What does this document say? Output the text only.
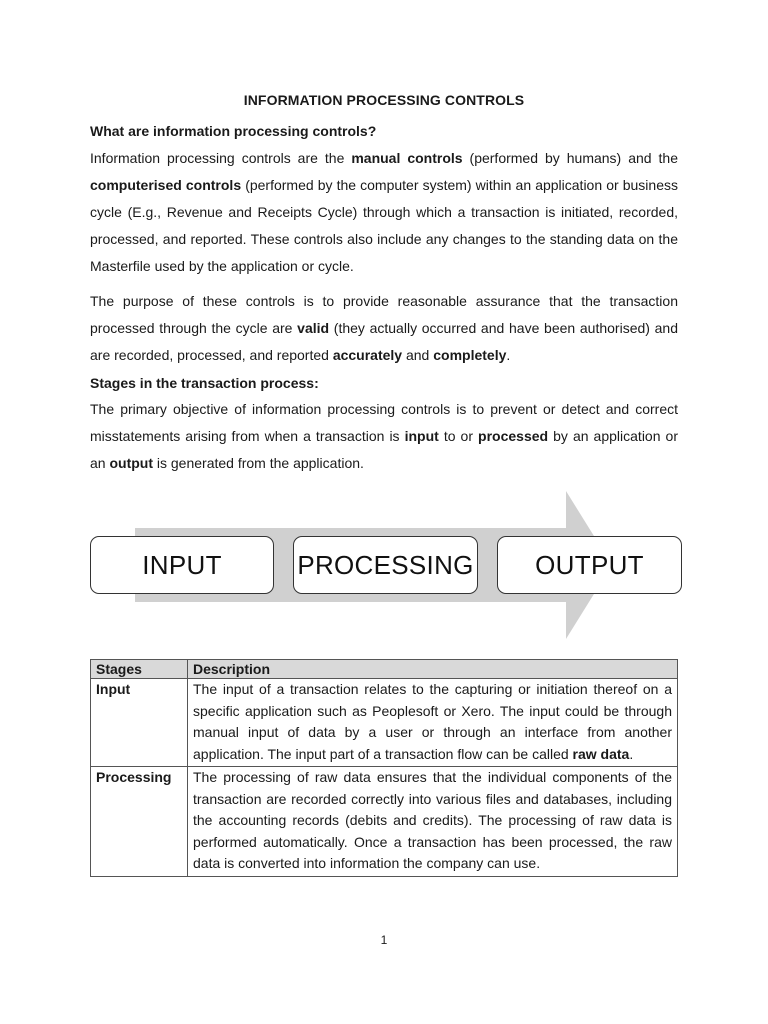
INFORMATION PROCESSING CONTROLS
What are information processing controls?

Information processing controls are the manual controls (performed by humans) and the computerised controls (performed by the computer system) within an application or business cycle (E.g., Revenue and Receipts Cycle) through which a transaction is initiated, recorded, processed, and reported. These controls also include any changes to the standing data on the Masterfile used by the application or cycle.

The purpose of these controls is to provide reasonable assurance that the transaction processed through the cycle are valid (they actually occurred and have been authorised) and are recorded, processed, and reported accurately and completely.

Stages in the transaction process:

The primary objective of information processing controls is to prevent or detect and correct misstatements arising from when a transaction is input to or processed by an application or an output is generated from the application.

INPUT	PROCESSING	OUTPUT
Stages	Description
Input	The input of a transaction relates to the capturing or initiation thereof on a specific application such as Peoplesoft or Xero. The input could be through manual input of data by a user or through an interface from another application. The input part of a transaction flow can be called raw data.
Processing	The processing of raw data ensures that the individual components of the transaction are recorded correctly into various files and databases, including the accounting records (debits and credits). The processing of raw data is performed automatically. Once a transaction has been processed, the raw data is converted into information the company can use.
1
